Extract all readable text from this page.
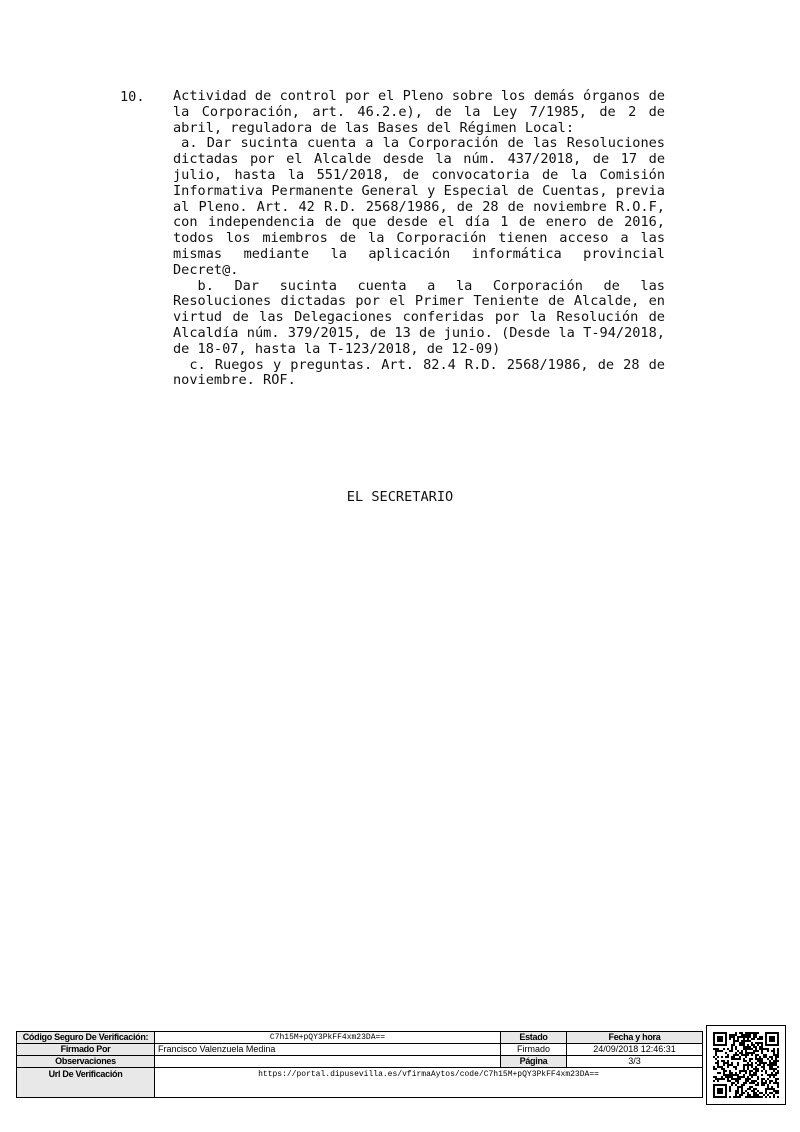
10. Actividad de control por el Pleno sobre los demás órganos de la Corporación, art. 46.2.e), de la Ley 7/1985, de 2 de abril, reguladora de las Bases del Régimen Local:

a. Dar sucinta cuenta a la Corporación de las Resoluciones dictadas por el Alcalde desde la núm. 437/2018, de 17 de julio, hasta la 551/2018, de convocatoria de la Comisión Informativa Permanente General y Especial de Cuentas, previa al Pleno. Art. 42 R.D. 2568/1986, de 28 de noviembre R.O.F, con independencia de que desde el día 1 de enero de 2016, todos los miembros de la Corporación tienen acceso a las mismas mediante la aplicación informática provincial Decret@.

b. Dar sucinta cuenta a la Corporación de las Resoluciones dictadas por el Primer Teniente de Alcalde, en virtud de las Delegaciones conferidas por la Resolución de Alcaldía núm. 379/2015, de 13 de junio. (Desde la T-94/2018, de 18-07, hasta la T-123/2018, de 12-09)

c. Ruegos y preguntas. Art. 82.4 R.D. 2568/1986, de 28 de noviembre. ROF.

EL SECRETARIO
Código Seguro De Verificación:	C7h15M+pQY3PkFF4xm23DA==	Estado	Fecha y hora
Firmado Por	Francisco Valenzuela Medina	Firmado	24/09/2018 12:46:31
Observaciones		Página	3/3
Url De Verificación	https://portal.dipusevilla.es/vfirmaAytos/code/C7h15M+pQY3PkFF4xm23DA==		
